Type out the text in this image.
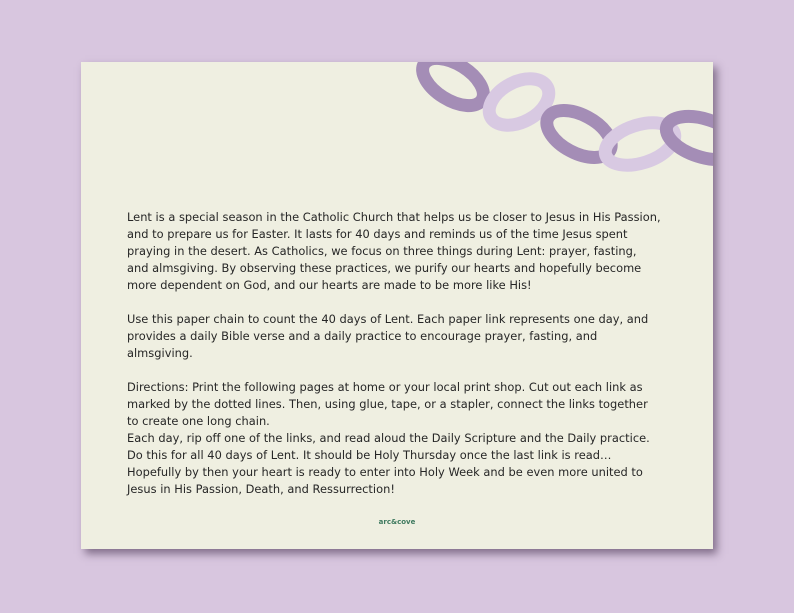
Lent is a special season in the Catholic Church that helps us be closer to Jesus in His Passion,
and to prepare us for Easter. It lasts for 40 days and reminds us of the time Jesus spent
praying in the desert. As Catholics, we focus on three things during Lent: prayer, fasting,
and almsgiving. By observing these practices, we purify our hearts and hopefully become
more dependent on God, and our hearts are made to be more like His!

Use this paper chain to count the 40 days of Lent. Each paper link represents one day, and
provides a daily Bible verse and a daily practice to encourage prayer, fasting, and
almsgiving.

Directions: Print the following pages at home or your local print shop. Cut out each link as
marked by the dotted lines. Then, using glue, tape, or a stapler, connect the links together
to create one long chain.
Each day, rip off one of the links, and read aloud the Daily Scripture and the Daily practice.
Do this for all 40 days of Lent. It should be Holy Thursday once the last link is read…
Hopefully by then your heart is ready to enter into Holy Week and be even more united to
Jesus in His Passion, Death, and Ressurrection!

arc&cove
